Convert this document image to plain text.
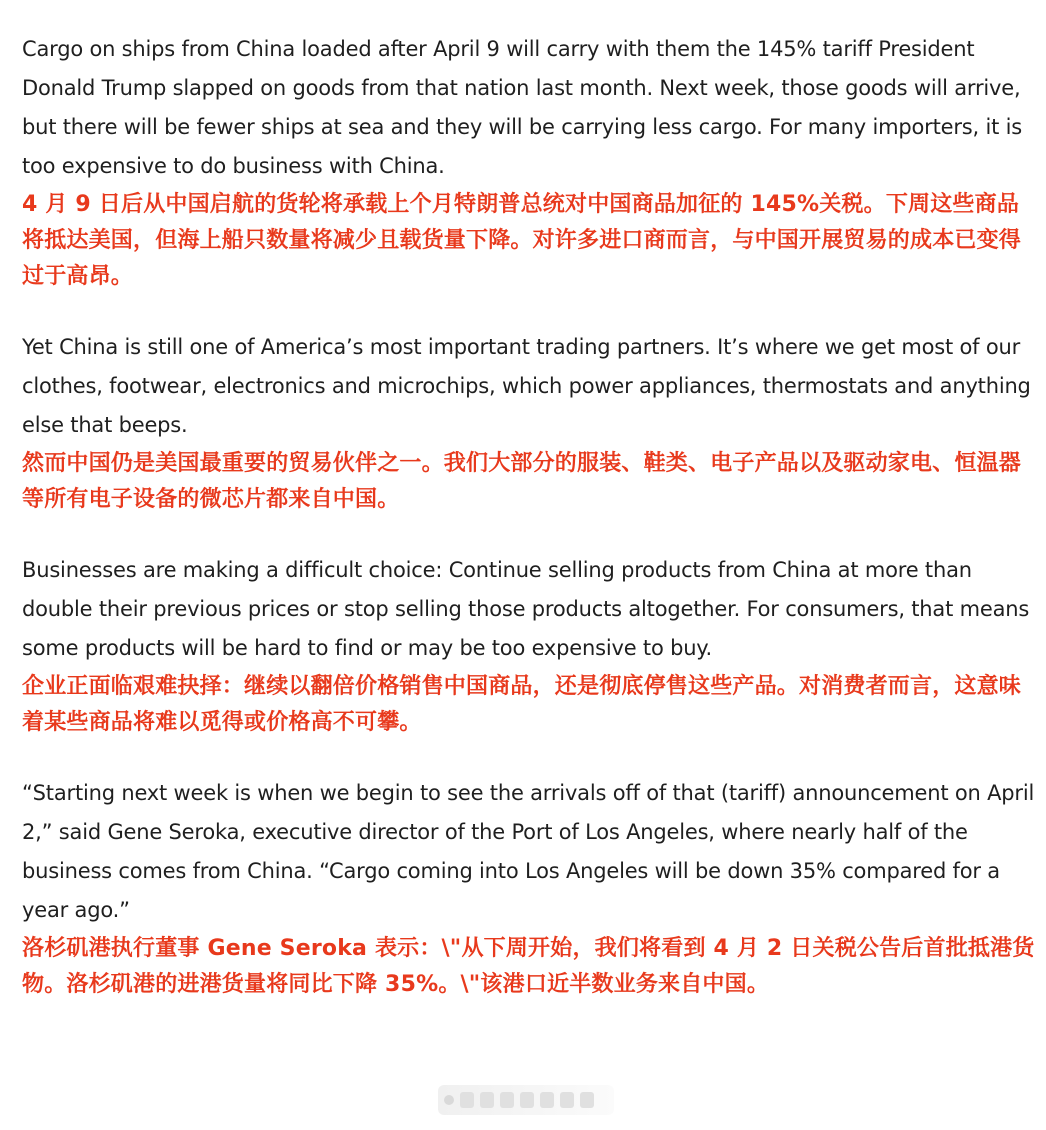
Cargo on ships from China loaded after April 9 will carry with them the 145% tariff President Donald Trump slapped on goods from that nation last month. Next week, those goods will arrive, but there will be fewer ships at sea and they will be carrying less cargo. For many importers, it is too expensive to do business with China.

4 月 9 日后从中国启航的货轮将承载上个月特朗普总统对中国商品加征的 145%关税。下周这些商品将抵达美国，但海上船只数量将减少且载货量下降。对许多进口商而言，与中国开展贸易的成本已变得过于高昂。

Yet China is still one of America’s most important trading partners. It’s where we get most of our clothes, footwear, electronics and microchips, which power appliances, thermostats and anything else that beeps.

然而中国仍是美国最重要的贸易伙伴之一。我们大部分的服装、鞋类、电子产品以及驱动家电、恒温器等所有电子设备的微芯片都来自中国。

Businesses are making a difficult choice: Continue selling products from China at more than double their previous prices or stop selling those products altogether. For consumers, that means some products will be hard to find or may be too expensive to buy.

企业正面临艰难抉择：继续以翻倍价格销售中国商品，还是彻底停售这些产品。对消费者而言，这意味着某些商品将难以觅得或价格高不可攀。

“Starting next week is when we begin to see the arrivals off of that (tariff) announcement on April 2,” said Gene Seroka, executive director of the Port of Los Angeles, where nearly half of the business comes from China. “Cargo coming into Los Angeles will be down 35% compared for a year ago.”

洛杉矶港执行董事 Gene Seroka 表示：\"从下周开始，我们将看到 4 月 2 日关税公告后首批抵港货物。洛杉矶港的进港货量将同比下降 35%。\"该港口近半数业务来自中国。
